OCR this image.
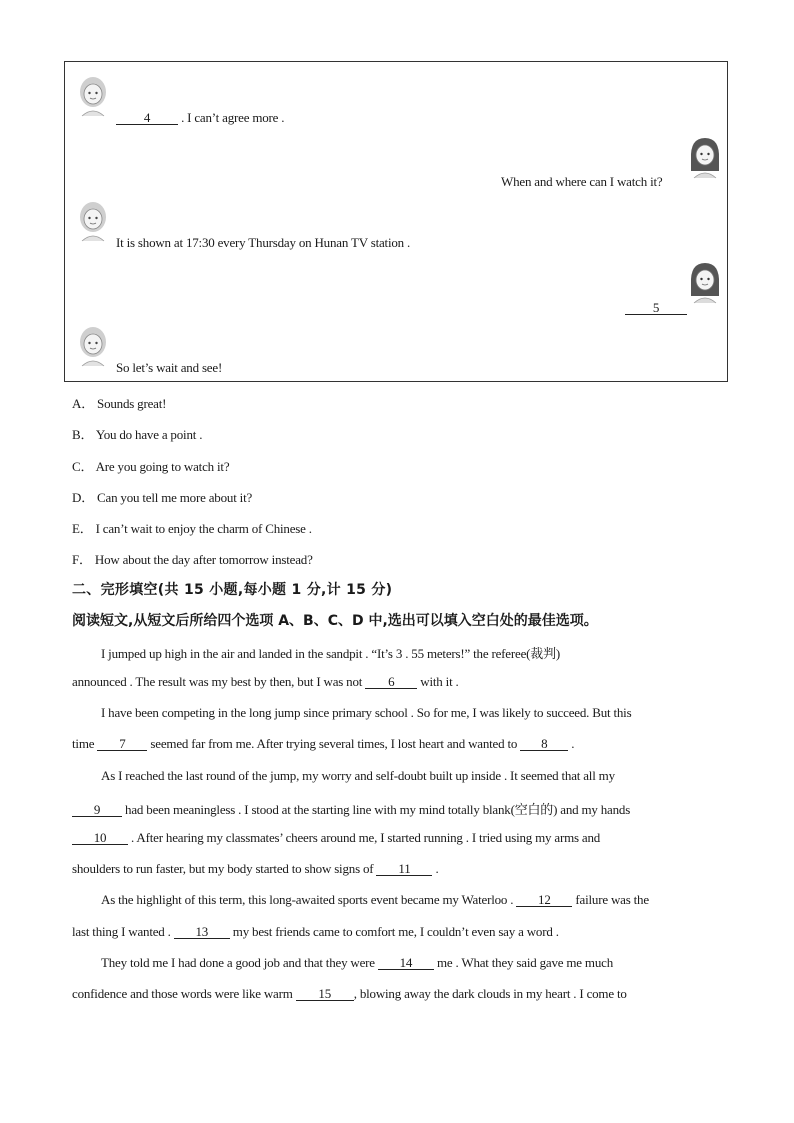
4 . I can’t agree more .
When and where can I watch it?
It is shown at 17:30 every Thursday on Hunan TV station .
5
So let’s wait and see!
A． Sounds great!
B． You do have a point .
C． Are you going to watch it?
D． Can you tell me more about it?
E． I can’t wait to enjoy the charm of Chinese .
F． How about the day after tomorrow instead?
二、完形填空(共 15 小题,每小题 1 分,计 15 分)
阅读短文,从短文后所给四个选项 A、B、C、D 中,选出可以填入空白处的最佳选项。
I jumped up high in the air and landed in the sandpit . “It’s 3 . 55 meters!” the referee(裁判)
announced . The result was my best by then, but I was not 6 with it .
I have been competing in the long jump since primary school . So for me, I was likely to succeed. But this
time 7 seemed far from me. After trying several times, I lost heart and wanted to 8 .
As I reached the last round of the jump, my worry and self-doubt built up inside . It seemed that all my
9 had been meaningless . I stood at the starting line with my mind totally blank(空白的) and my hands
10 . After hearing my classmates’ cheers around me, I started running . I tried using my arms and
shoulders to run faster, but my body started to show signs of 11 .
As the highlight of this term, this long-awaited sports event became my Waterloo . 12 failure was the
last thing I wanted . 13 my best friends came to comfort me, I couldn’t even say a word .
They told me I had done a good job and that they were 14 me . What they said gave me much
confidence and those words were like warm 15 , blowing away the dark clouds in my heart . I come to
